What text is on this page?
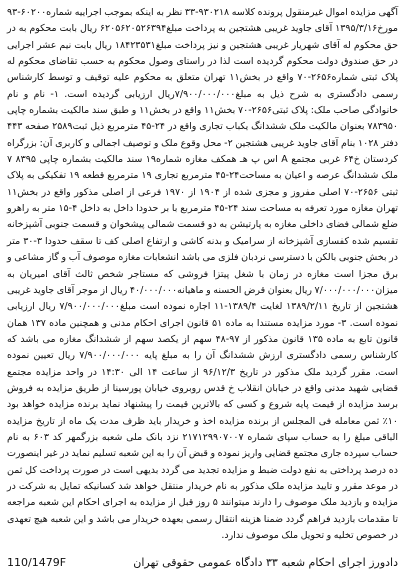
آگهی مزایده اموال غیرمنقول پرونده کلاسه ۹۳۰۲۱۸-۳۳ نظر به اینکه بموجب اجراییه شماره۶۰۲۰۰-۹۳ مورخ۱۳۹۵/۳/۱۶ آقای جاوید غریبی هشتجین به پرداخت مبلغ۶۲۰۵۶۲۰۵۲۶۳۹۴ ریال بابت محکوم به در حق محکوم له آقای شهریار غریبی هشتجین و نیز پرداخت مبلغ۱۸۴۲۳۵۳۱ ریال بابت نیم عشر اجرایی در حق صندوق دولت محکوم گردیده است لذا در راستای وصول محکوم به حسب تقاضای محکوم له پلاک ثبتی شماره۲۶۵۶-۷۰ واقع در بخش۱۱ تهران متعلق به محکوم علیه توقیف و توسط کارشناس رسمی دادگستری به شرح ذیل به مبلغ۷/۹۰۰/۰۰۰/۰۰۰ریال ارزیابی گردیده است. ۱- نام و نام خانوادگی صاحب ملک: پلاک ثبتی۲۶۵۶-۷۰ بخش۱۱ واقع در بخش۱۱ و طبق سند مالکیت بشماره چاپی ۷۸۳۹۵۰ بعنوان مالکیت ملک ششدانگ یکباب تجاری واقع در ۲۴-۴۵ مترمربع ذیل ثبت۲۵۸۹ صفحه ۴۴۳ دفتر ۱۰۲۸ بنام آقای جاوید غریبی هشتجین ۲- محل وقوع ملک و توصیف اجمالی و کاربری آن: بزرگراه کردستان خ۶۴ غربی مجتمع A اس پ هـ همکف مغازه شماره۱۹ سند مالکیت بشماره چاپی ۸۳۹۵ ۷ ملک ششدانگ عرصه و اعیان به مساحت۲۴-۴۵ مترمربع تجاری ۱۹ مترمربع قطعه ۱۹ تفکیکی به پلاک ثبتی ۲۶۵۶-۷۰ اصلی مفروز و مجزی شده از ۱۹۰۴ از ۱۹۷۰ فرعی از اصلی مذکور واقع در بخش۱۱ تهران مغازه مورد تعرفه به مساحت سند ۲۴-۴۵ مترمربع با بر حدودا داخل به داخل ۴-۱۵ متر به راهرو ضلع شمالی فضای داخلی مغازه به پارتیشن به دو قسمت شمالی پیشخوان و قسمت جنوبی آشپزخانه تقسیم شده کفسازی آشپزخانه از سرامیک و بدنه کاشی و ارتفاع اصلی کف تا سقف حدودا ۳-۳۰ متر در بخش جنوبی بالکن با دسترسی نردبان فلزی می باشد انشعابات مغازه موصوف آب و گاز مشاعی و برق مجزا است مغازه در زمان با شغل پیتزا فروشی که مستاجر شخص ثالث آقای امیریان به میزان۷/۰۰۰/۰۰۰/۰۰۰ ریال بعنوان قرض الحسنه و ماهیانه۴۰/۰۰۰/۰۰۰ ریال از موجر آقای جاوید غریبی هشتجین از تاریخ ۱۳۸۹/۲/۱۱ لغایت ۱۳۸۹/۴-۱۱ اجاره نموده است مبلغ۷/۹۰۰/۰۰۰/۰۰۰ ریال ارزیابی نموده است. ۳- مورد مزایده مستندا به ماده ۵۱ قانون اجرای احکام مدنی و همچنین ماده ۱۳۷ همان قانون تابع به ماده ۱۳۵ قانون مذکور از ۹۷-۴۸ سهم از یکصد سهم از ششدانگ مغازه می باشد که کارشناس رسمی دادگستری ارزش ششدانگ آن را به مبلغ پایه ۷/۹۰۰/۰۰۰/۰۰۰ ریال تعیین نموده است. مقرر گردید ملک مذکور در تاریخ ۹۶/۱۲/۳ از ساعت ۱۴ الی ۱۴:۳۰ در واحد مزایده مجتمع قضایی شهید مدنی واقع در خیابان انقلاب خ قدس روبروی خیابان پورسینا از طریق مزایده به فروش برسد مزایده از قیمت پایه شروع و کسی که بالاترین قیمت را پیشنهاد نماید برنده مزایده خواهد بود ۱۰٪ ثمن معامله فی المجلس از برنده مزایده اخذ و خریدار باید ظرف مدت یک ماه از تاریخ مزایده الباقی مبلغ را به حساب سپای شماره ۲۱۷۱۲۹۹۰۷۰۰۷ نزد بانک ملی شعبه بزرگمهر کد ۶۰۳ به نام حساب سپرده جاری مجتمع قضایی واریز نموده و قبض آن را به این شعبه تسلیم نماید در غیر اینصورت ده درصد پرداختی به نفع دولت ضبط و مزایده تجدید می گردد بدیهی است در صورت پرداخت کل ثمن در موعد مقرر و تایید مزایده ملک مذکور به نام خریدار منتقل خواهد شد کسانیکه تمایل به شرکت در مزایده و بازدید ملک موصوف را دارند میتوانند ۵ روز قبل از مزایده به اجرای احکام این شعبه مراجعه تا مقدمات بازدید فراهم گردد ضمنا هزینه انتقال رسمی بعهده خریدار می باشد و این شعبه هیچ تعهدی در خصوص تخلیه و تحویل ملک موصوف ندارد.
دادورز اجرای احکام شعبه ۳۳ دادگاه عمومی حقوقی تهران
110/1479F
